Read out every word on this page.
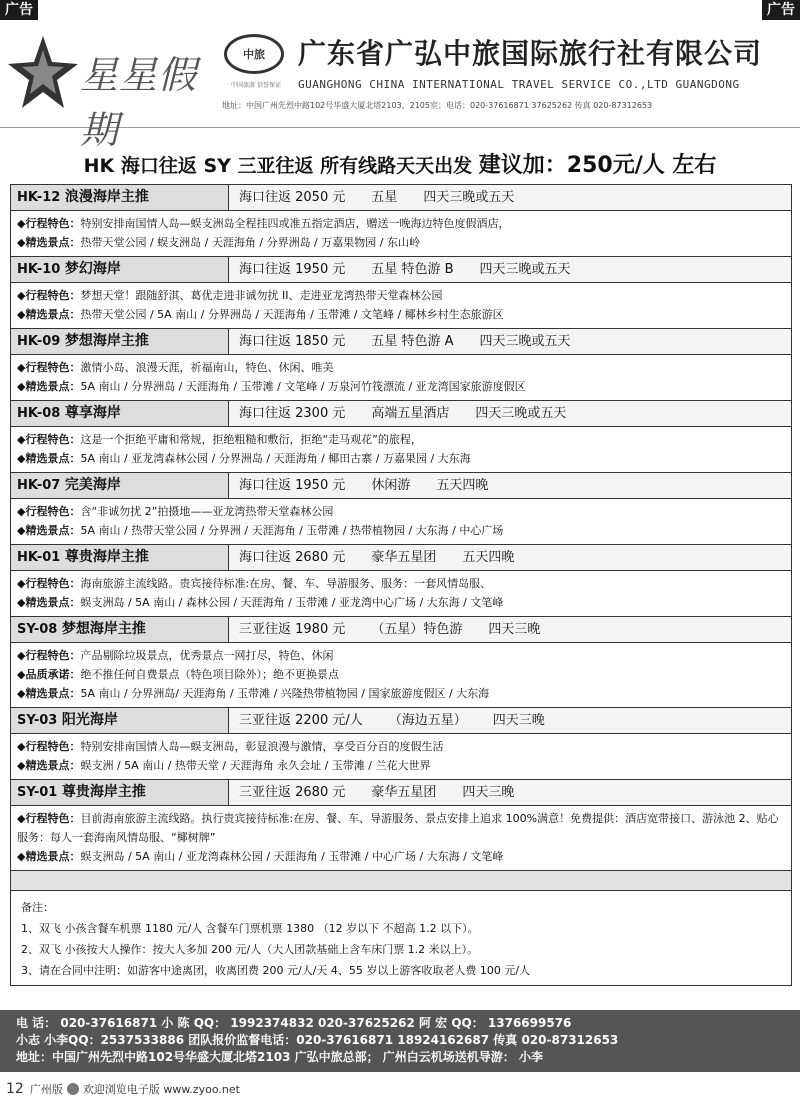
广告	广告
星星假期
中旅
中国旅游 信誉保证
广东省广弘中旅国际旅行社有限公司
GUANGHONG CHINA INTERNATIONAL TRAVEL SERVICE CO.,LTD GUANGDONG
地址：中国广州先烈中路102号华盛大厦北塔2103、2105室；电话：020-37616871 37625262 传真 020-87312653
HK 海口往返 SY 三亚往返 所有线路天天出发 建议加：250元/人 左右
HK-12 浪漫海岸主推	海口往返 2050 元 五星 四天三晚或五天
◆行程特色：特别安排南国情人岛—蜈支洲岛全程挂四或准五指定酒店，赠送一晚海边特色度假酒店，
◆精选景点：热带天堂公园 / 蜈支洲岛 / 天涯海角 / 分界洲岛 / 万嘉果物园 / 东山岭
HK-10 梦幻海岸	海口往返 1950 元 五星 特色游 B 四天三晚或五天
◆行程特色：梦想天堂！跟随舒淇、葛优走进非诚勿扰 II、走进亚龙湾热带天堂森林公园
◆精选景点：热带天堂公园 / 5A 南山 / 分界洲岛 / 天涯海角 / 玉带滩 / 文笔峰 / 椰林乡村生态旅游区
HK-09 梦想海岸主推	海口往返 1850 元 五星 特色游 A 四天三晚或五天
◆行程特色：激情小岛、浪漫天涯，祈福南山，特色、休闲、唯美
◆精选景点：5A 南山 / 分界洲岛 / 天涯海角 / 玉带滩 / 文笔峰 / 万泉河竹筏漂流 / 亚龙湾国家旅游度假区
HK-08 尊享海岸	海口往返 2300 元 高端五星酒店 四天三晚或五天
◆行程特色：这是一个拒绝平庸和常规，拒绝粗糙和敷衍，拒绝“走马观花”的旅程，
◆精选景点：5A 南山 / 亚龙湾森林公园 / 分界洲岛 / 天涯海角 / 椰田古寨 / 万嘉果园 / 大东海
HK-07 完美海岸	海口往返 1950 元 休闲游 五天四晚
◆行程特色：含“非诚勿扰 2”拍摄地——亚龙湾热带天堂森林公园
◆精选景点：5A 南山 / 热带天堂公园 / 分界洲 / 天涯海角 / 玉带滩 / 热带植物园 / 大东海 / 中心广场
HK-01 尊贵海岸主推	海口往返 2680 元 豪华五星团 五天四晚
◆行程特色：海南旅游主流线路。贵宾接待标准:在房、餐、车、导游服务、服务：一套风情岛服、
◆精选景点：蜈支洲岛 / 5A 南山 / 森林公园 / 天涯海角 / 玉带滩 / 亚龙湾中心广场 / 大东海 / 文笔峰
SY-08 梦想海岸主推	三亚往返 1980 元 （五星）特色游 四天三晚
◆行程特色：产品剔除垃圾景点，优秀景点一网打尽，特色、休闲
◆品质承诺：绝不推任何自费景点（特色项目除外）；绝不更换景点
◆精选景点：5A 南山 / 分界洲岛/ 天涯海角 / 玉带滩 / 兴隆热带植物园 / 国家旅游度假区 / 大东海
SY-03 阳光海岸	三亚往返 2200 元/人 （海边五星） 四天三晚
◆行程特色：特别安排南国情人岛—蜈支洲岛，彰显浪漫与激情，享受百分百的度假生活
◆精选景点：蜈支洲 / 5A 南山 / 热带天堂 / 天涯海角 永久会址 / 玉带滩 / 兰花大世界
SY-01 尊贵海岸主推	三亚往返 2680 元 豪华五星团 四天三晚
◆行程特色：目前海南旅游主流线路。执行贵宾接待标准:在房、餐、车、导游服务、景点安排上追求 100%满意！免费提供：酒店宽带接口、游泳池 2、贴心服务：每人一套海南风情岛服、“椰树牌”
◆精选景点：蜈支洲岛 / 5A 南山 / 亚龙湾森林公园 / 天涯海角 / 玉带滩 / 中心广场 / 大东海 / 文笔峰
备注：
1、双飞 小孩含餐车机票 1180 元/人 含餐车门票机票 1380 （12 岁以下 不超高 1.2 以下）。
2、双飞 小孩按大人操作：按大人多加 200 元/人（大人团款基础上含车床门票 1.2 米以上）。
3、请在合同中注明：如游客中途离团，收离团费 200 元/人/天 4、55 岁以上游客收取老人费 100 元/人
电 话： 020-37616871 小 陈 QQ： 1992374832 020-37625262 阿 宏 QQ： 1376699576
小志 小李QQ：2537533886 团队报价监督电话：020-37616871 18924162687 传真 020-87312653
地址：中国广州先烈中路102号华盛大厦北塔2103 广弘中旅总部； 广州白云机场送机导游： 小李
12 广州版 欢迎浏览电子版 www.zyoo.net
